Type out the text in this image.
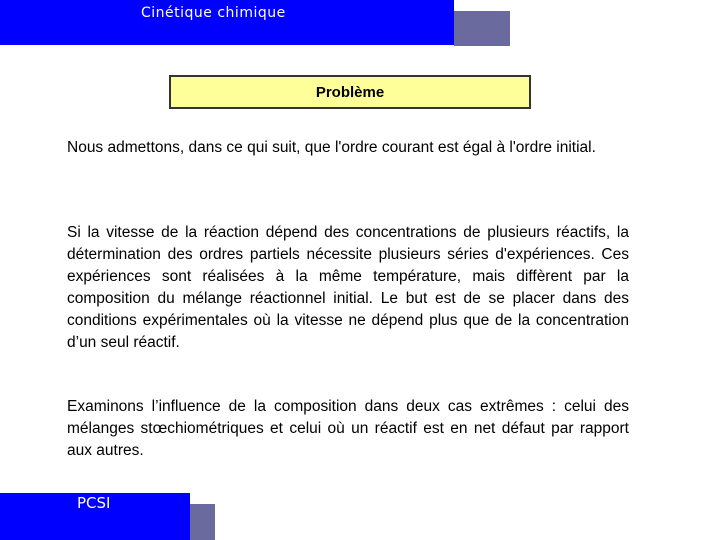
Cinétique chimique
Problème

Nous admettons, dans ce qui suit, que l'ordre courant est égal à l'ordre initial.

Si la vitesse de la réaction dépend des concentrations de plusieurs réactifs, la détermination des ordres partiels nécessite plusieurs séries d'expériences. Ces expériences sont réalisées à la même température, mais diffèrent par la composition du mélange réactionnel initial. Le but est de se placer dans des conditions expérimentales où la vitesse ne dépend plus que de la concentration d’un seul réactif.

Examinons l’influence de la composition dans deux cas extrêmes : celui des mélanges stœchiométriques et celui où un réactif est en net défaut par rapport aux autres.

PCSI
